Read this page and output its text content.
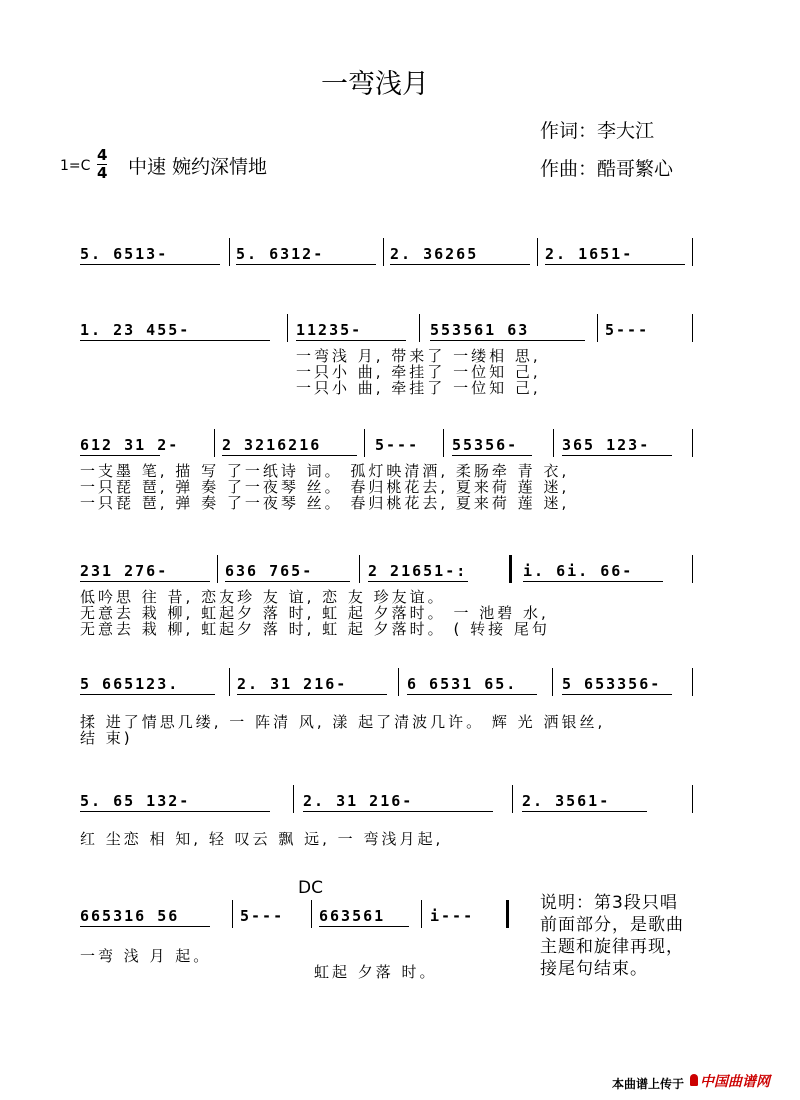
一弯浅月
作词：李大江
作曲：酷哥繁心
1=C
4
4 中速 婉约深情地
5. 6513-	5. 6312-	2. 36265	2. 1651-
1. 23 455-	11235-	553561 63	5---
一弯浅 月, 带来了 一缕相 思,
一只小 曲, 牵挂了 一位知 己,
一只小 曲, 牵挂了 一位知 己,
612 31 2-	2 3216216	5--- 55356-	365 123-
一支墨 笔, 描 写 了一纸诗 词。 孤灯映清酒, 柔肠牵 青 衣,
一只琵 琶, 弹 奏 了一夜琴 丝。 春归桃花去, 夏来荷 莲 迷,
一只琵 琶, 弹 奏 了一夜琴 丝。 春归桃花去, 夏来荷 莲 迷,
231 276-	636 765-	2 21651-:	i. 6i. 66-
低吟思 往 昔, 恋友珍 友 谊, 恋 友 珍友谊。
无意去 栽 柳, 虹起夕 落 时, 虹 起 夕落时。 一 池碧 水,
无意去 栽 柳, 虹起夕 落 时, 虹 起 夕落时。 ( 转接 尾句
5 665123.	2. 31 216-	6 6531 65.	5 653356-
揉 进了情思几缕, 一 阵清 风, 漾 起了清波几许。 辉 光 洒银丝,
结 束)
5. 65 132-	2. 31 216-	2. 3561-
红 尘恋 相 知, 轻 叹云 飘 远, 一 弯浅月起,
665316 56	5--- 663561	i---
一弯 浅 月 起。
虹起 夕落 时。
DC
说明：第3段只唱前面部分，是歌曲主题和旋律再现，接尾句结束。
本曲谱上传于 中国曲谱网
